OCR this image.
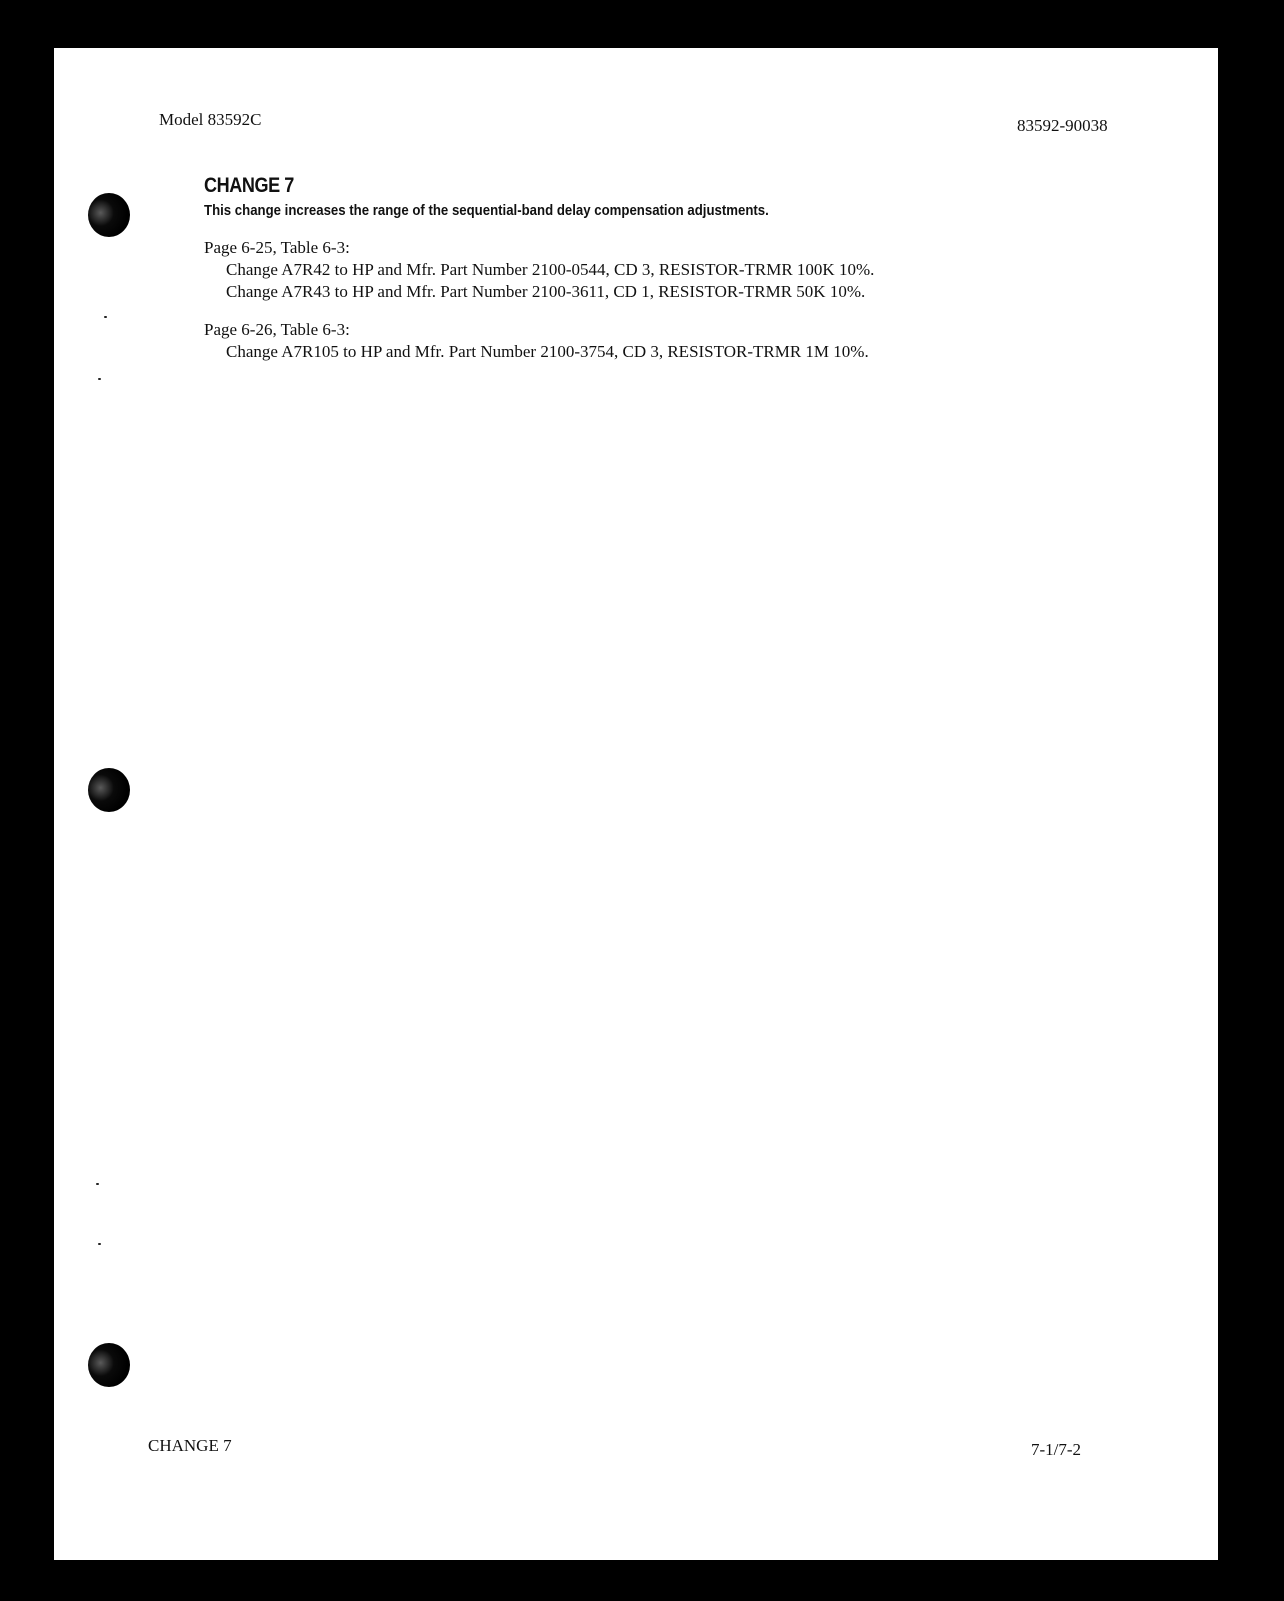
Model 83592C	83592-90038
CHANGE 7
This change increases the range of the sequential-band delay compensation adjustments.
Page 6-25, Table 6-3:
Change A7R42 to HP and Mfr. Part Number 2100-0544, CD 3, RESISTOR-TRMR 100K 10%.
Change A7R43 to HP and Mfr. Part Number 2100-3611, CD 1, RESISTOR-TRMR 50K 10%.
Page 6-26, Table 6-3:
Change A7R105 to HP and Mfr. Part Number 2100-3754, CD 3, RESISTOR-TRMR 1M 10%.
CHANGE 7	7-1/7-2
